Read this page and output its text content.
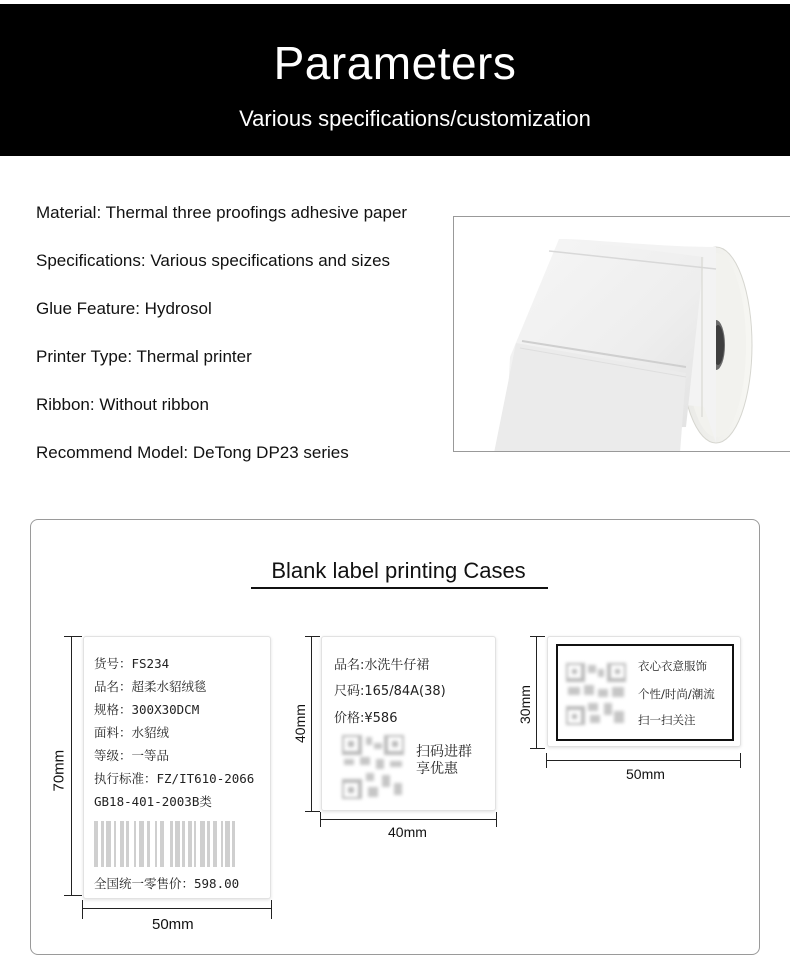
Parameters
Various specifications/customization
Material: Thermal three proofings adhesive paper
Specifications: Various specifications and sizes
Glue Feature: Hydrosol
Printer Type: Thermal printer
Ribbon: Without ribbon
Recommend Model: DeTong DP23 series
Blank label printing Cases
70mm
货号：FS234
品名：超柔水貂绒毯
规格：300X30DCM
面料：水貂绒
等级：一等品
执行标准：FZ/IT610-2066
GB18-401-2003B类
全国统一零售价：598.00
50mm
40mm
品名:水洗牛仔裙
尺码:165/84A(38)
价格:¥586
扫码进群
享优惠
40mm
30mm
衣心衣意服饰
个性/时尚/潮流
扫一扫关注
50mm
